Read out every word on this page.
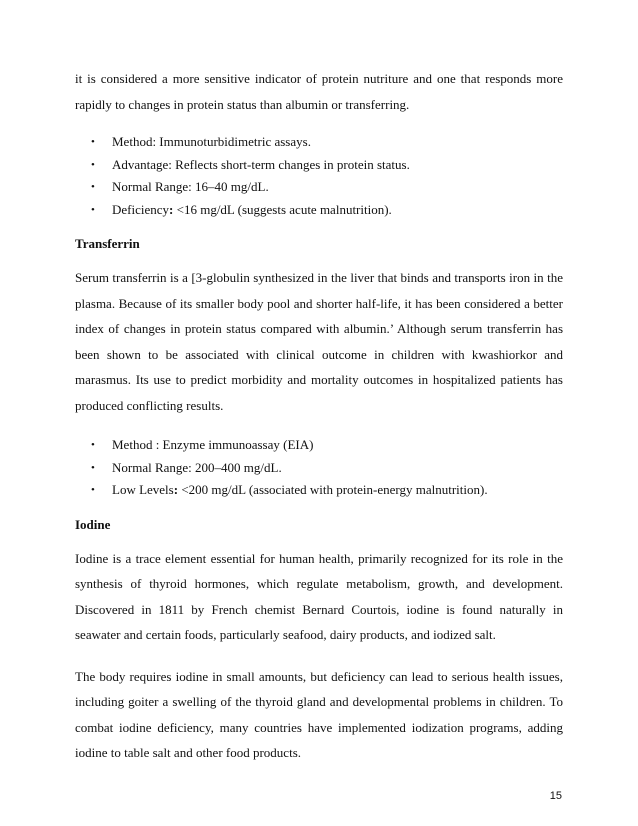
it is considered a more sensitive indicator of protein nutriture and one that responds more rapidly to changes in protein status than albumin or transferring.

• Method: Immunoturbidimetric assays.
• Advantage: Reflects short-term changes in protein status.
• Normal Range: 16–40 mg/dL.
• Deficiency: <16 mg/dL (suggests acute malnutrition).
Transferrin

Serum transferrin is a [3-globulin synthesized in the liver that binds and transports iron in the plasma. Because of its smaller body pool and shorter half-life, it has been considered a better index of changes in protein status compared with albumin.’ Although serum transferrin has been shown to be associated with clinical outcome in children with kwashiorkor and marasmus. Its use to predict morbidity and mortality outcomes in hospitalized patients has produced conflicting results.

• Method : Enzyme immunoassay (EIA)
• Normal Range: 200–400 mg/dL.
• Low Levels: <200 mg/dL (associated with protein-energy malnutrition).
Iodine

Iodine is a trace element essential for human health, primarily recognized for its role in the synthesis of thyroid hormones, which regulate metabolism, growth, and development. Discovered in 1811 by French chemist Bernard Courtois, iodine is found naturally in seawater and certain foods, particularly seafood, dairy products, and iodized salt.

The body requires iodine in small amounts, but deficiency can lead to serious health issues, including goiter a swelling of the thyroid gland and developmental problems in children. To combat iodine deficiency, many countries have implemented iodization programs, adding iodine to table salt and other food products.

15
